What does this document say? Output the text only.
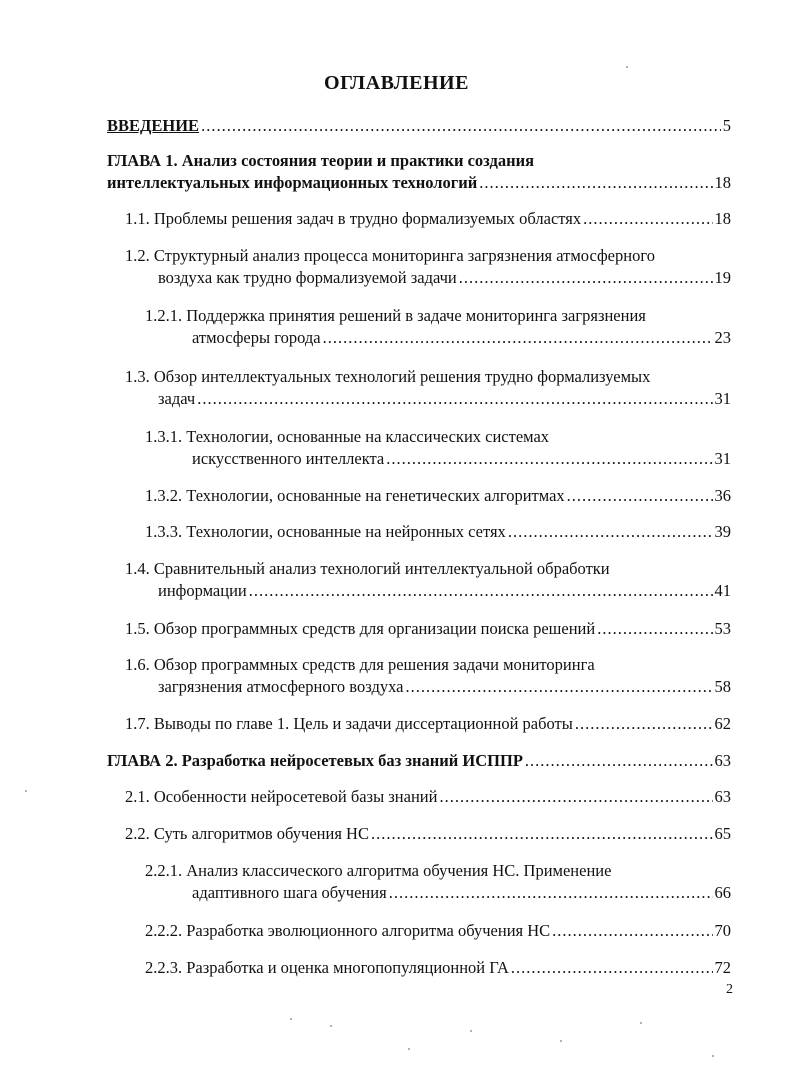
ОГЛАВЛЕНИЕ
ВВЕДЕНИЕ .....	5
ГЛАВА 1. Анализ состояния теории и практики создания
интеллектуальных информационных технологий .....	18
1.1. Проблемы решения задач в трудно формализуемых областях .....	18
1.2. Структурный анализ процесса мониторинга загрязнения атмосферного
воздуха как трудно формализуемой задачи .....	19
1.2.1. Поддержка принятия решений в задаче мониторинга загрязнения
атмосферы города .....	23
1.3. Обзор интеллектуальных технологий решения трудно формализуемых
задач .....	31
1.3.1. Технологии, основанные на классических системах
искусственного интеллекта .....	31
1.3.2. Технологии, основанные на генетических алгоритмах .....	36
1.3.3. Технологии, основанные на нейронных сетях .....	39
1.4. Сравнительный анализ технологий интеллектуальной обработки
информации .....	41
1.5. Обзор программных средств для организации поиска решений .....	53
1.6. Обзор программных средств для решения задачи мониторинга
загрязнения атмосферного воздуха .....	58
1.7. Выводы по главе 1. Цель и задачи диссертационной работы .....	62
ГЛАВА 2. Разработка нейросетевых баз знаний ИСППР .....	63
2.1. Особенности нейросетевой базы знаний .....	63
2.2. Суть алгоритмов обучения НС .....	65
2.2.1. Анализ классического алгоритма обучения НС. Применение
адаптивного шага обучения .....	66
2.2.2. Разработка эволюционного алгоритма обучения НС .....	70
2.2.3. Разработка и оценка многопопуляционной ГА .....	72
2
